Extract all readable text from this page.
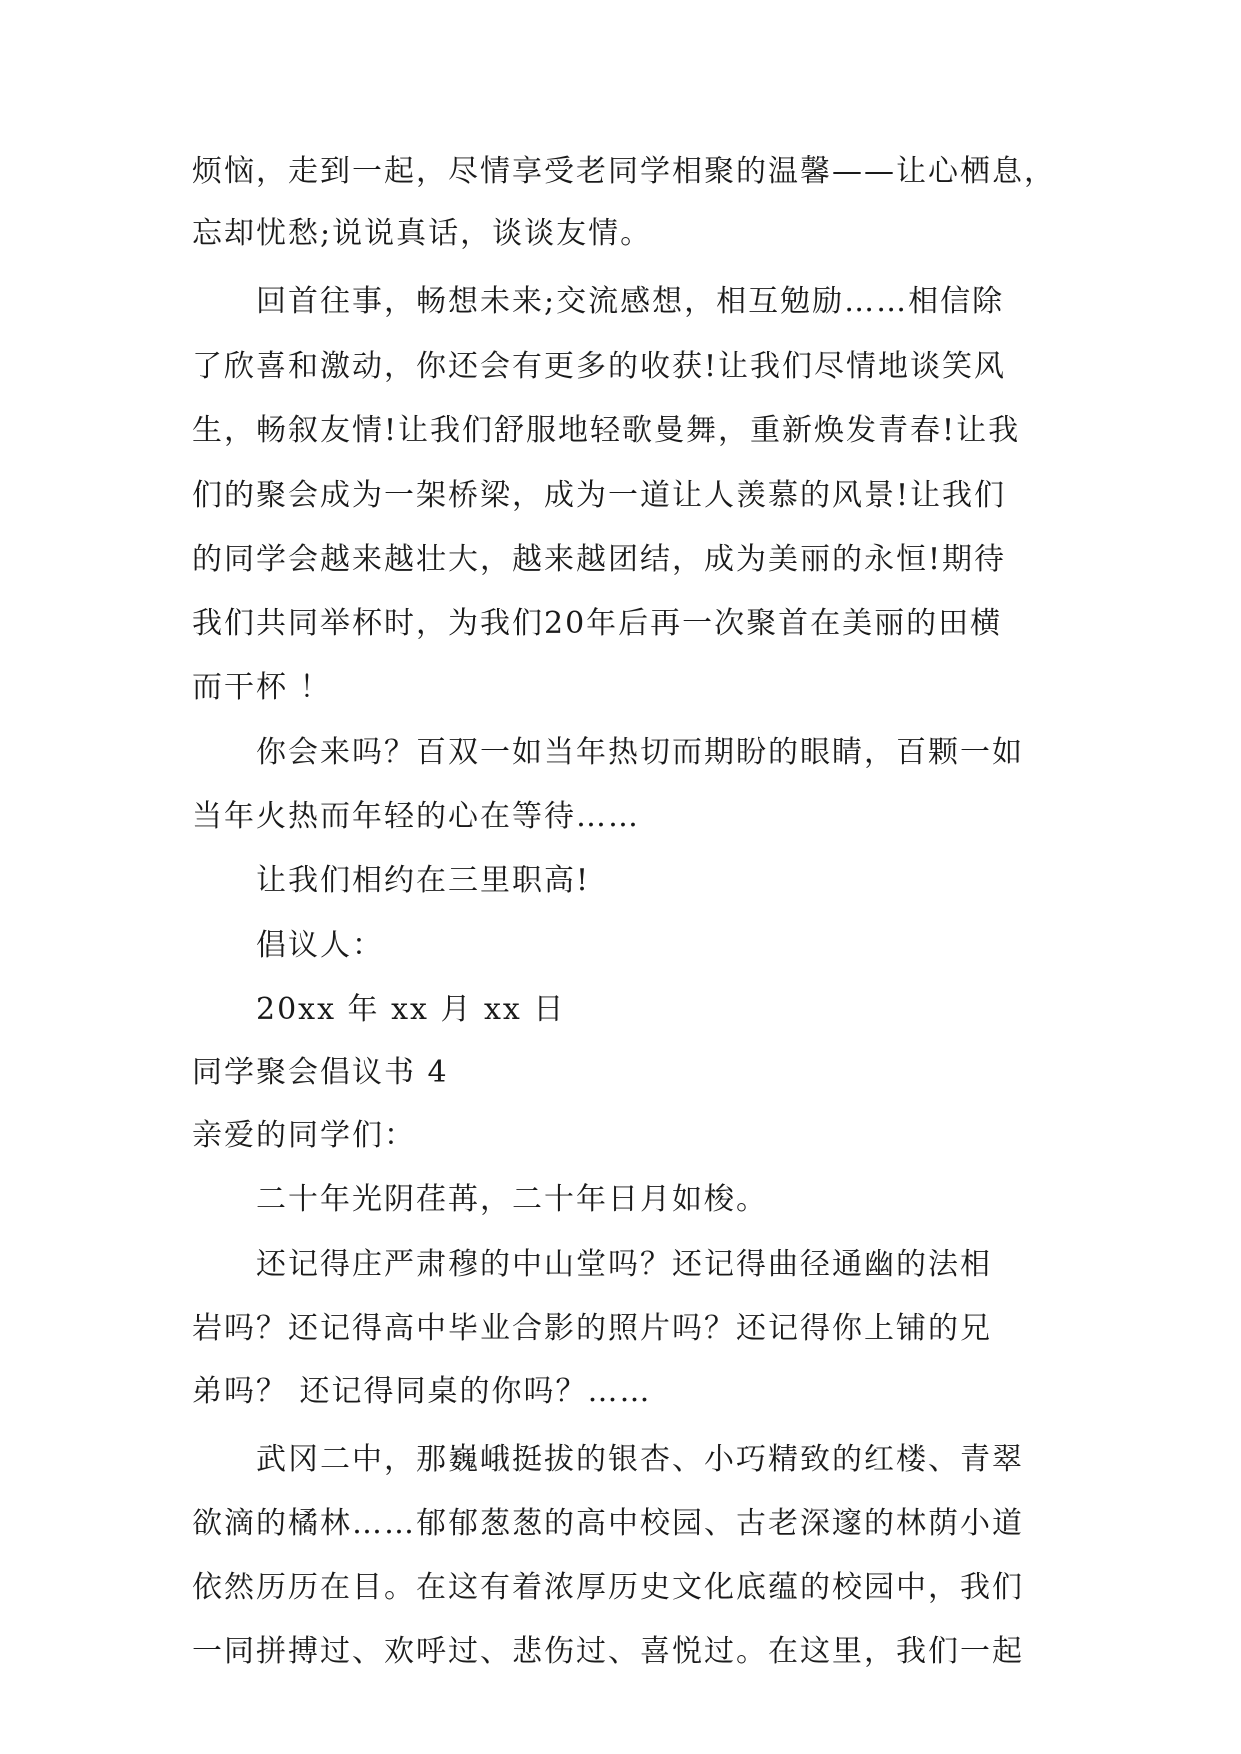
烦恼，走到一起，尽情享受老同学相聚的温馨——让心栖息，
忘却忧愁;说说真话，谈谈友情。
回首往事，畅想未来;交流感想，相互勉励……相信除
了欣喜和激动，你还会有更多的收获!让我们尽情地谈笑风
生，畅叙友情!让我们舒服地轻歌曼舞，重新焕发青春!让我
们的聚会成为一架桥梁，成为一道让人羡慕的风景!让我们
的同学会越来越壮大，越来越团结，成为美丽的永恒!期待
我们共同举杯时，为我们20年后再一次聚首在美丽的田横
而干杯 ！
你会来吗？百双一如当年热切而期盼的眼睛，百颗一如
当年火热而年轻的心在等待……
让我们相约在三里职高!
倡议人：
20xx 年 xx 月 xx 日
同学聚会倡议书 4
亲爱的同学们：
二十年光阴荏苒，二十年日月如梭。
还记得庄严肃穆的中山堂吗？还记得曲径通幽的法相
岩吗？还记得高中毕业合影的照片吗？还记得你上铺的兄
弟吗？ 还记得同桌的你吗？……
武冈二中，那巍峨挺拔的银杏、小巧精致的红楼、青翠
欲滴的橘林……郁郁葱葱的高中校园、古老深邃的林荫小道
依然历历在目。在这有着浓厚历史文化底蕴的校园中，我们
一同拼搏过、欢呼过、悲伤过、喜悦过。在这里，我们一起
